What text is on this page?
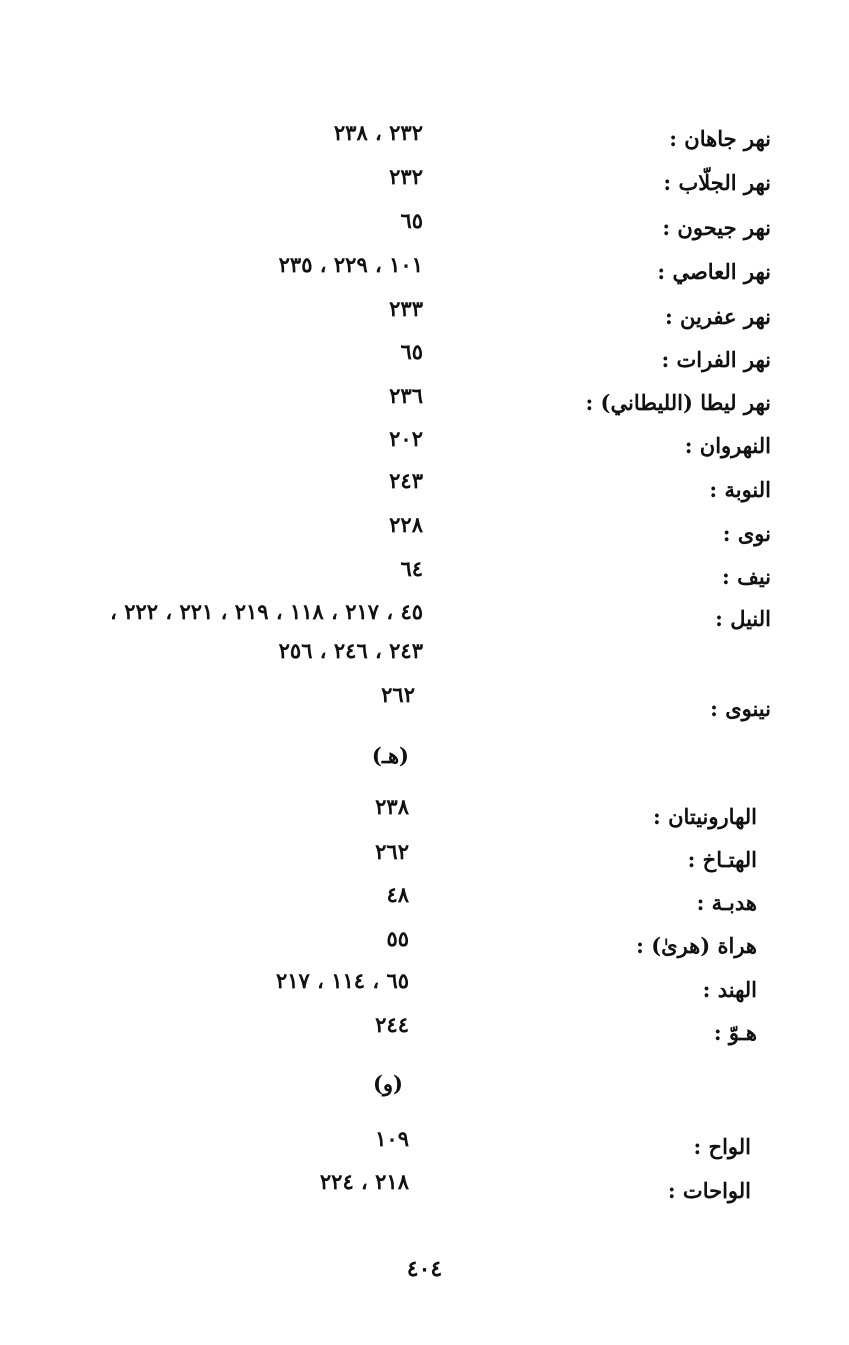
نهر جاهان :
٢٣٢ ، ٢٣٨
نهر الجلّاب :
٢٣٢
نهر جيحون :
٦٥
نهر العاصي :
١٠١ ، ٢٢٩ ، ٢٣٥
نهر عفرين :
٢٣٣
نهر الفرات :
٦٥
نهر ليطا (الليطاني) :
٢٣٦
النهروان :
٢٠٢
النوبة :
٢٤٣
نوى :
٢٢٨
نيف :
٦٤
النيل :
٤٥ ، ٢١٧ ، ١١٨ ، ٢١٩ ، ٢٢١ ، ٢٢٢ ،
٢٤٣ ، ٢٤٦ ، ٢٥٦
نينوى :
٢٦٢
(هـ)
الهارونيتان :
٢٣٨
الهتـاخ :
٢٦٢
هدبـة :
٤٨
هراة (هرىٰ) :
٥٥
الهند :
٦٥ ، ١١٤ ، ٢١٧
هـوّ :
٢٤٤
(و)
الواح :
١٠٩
الواحات :
٢١٨ ، ٢٢٤
٤٠٤
